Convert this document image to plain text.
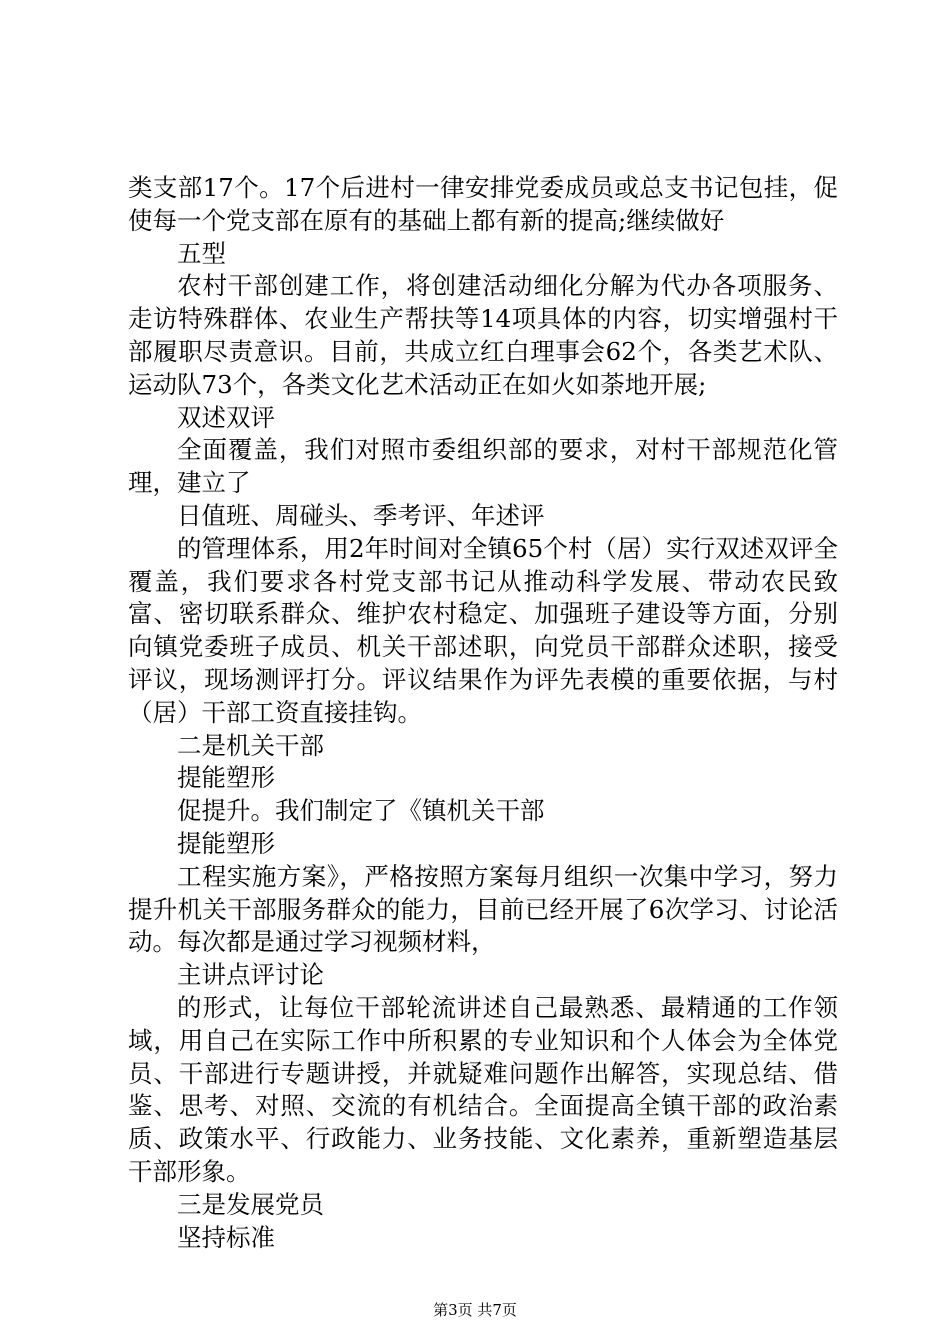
类支部17个。17个后进村一律安排党委成员或总支书记包挂，促使每一个党支部在原有的基础上都有新的提高;继续做好

五型

农村干部创建工作，将创建活动细化分解为代办各项服务、走访特殊群体、农业生产帮扶等14项具体的内容，切实增强村干部履职尽责意识。目前，共成立红白理事会62个，各类艺术队、运动队73个，各类文化艺术活动正在如火如荼地开展;

双述双评

全面覆盖，我们对照市委组织部的要求，对村干部规范化管理，建立了

日值班、周碰头、季考评、年述评

的管理体系，用2年时间对全镇65个村（居）实行双述双评全覆盖，我们要求各村党支部书记从推动科学发展、带动农民致富、密切联系群众、维护农村稳定、加强班子建设等方面，分别向镇党委班子成员、机关干部述职，向党员干部群众述职，接受评议，现场测评打分。评议结果作为评先表模的重要依据，与村（居）干部工资直接挂钩。

二是机关干部

提能塑形

促提升。我们制定了《镇机关干部

提能塑形

工程实施方案》，严格按照方案每月组织一次集中学习，努力提升机关干部服务群众的能力，目前已经开展了6次学习、讨论活动。每次都是通过学习视频材料，

主讲点评讨论

的形式，让每位干部轮流讲述自己最熟悉、最精通的工作领域，用自己在实际工作中所积累的专业知识和个人体会为全体党员、干部进行专题讲授，并就疑难问题作出解答，实现总结、借鉴、思考、对照、交流的有机结合。全面提高全镇干部的政治素质、政策水平、行政能力、业务技能、文化素养，重新塑造基层干部形象。

三是发展党员

坚持标准

第3页 共7页
